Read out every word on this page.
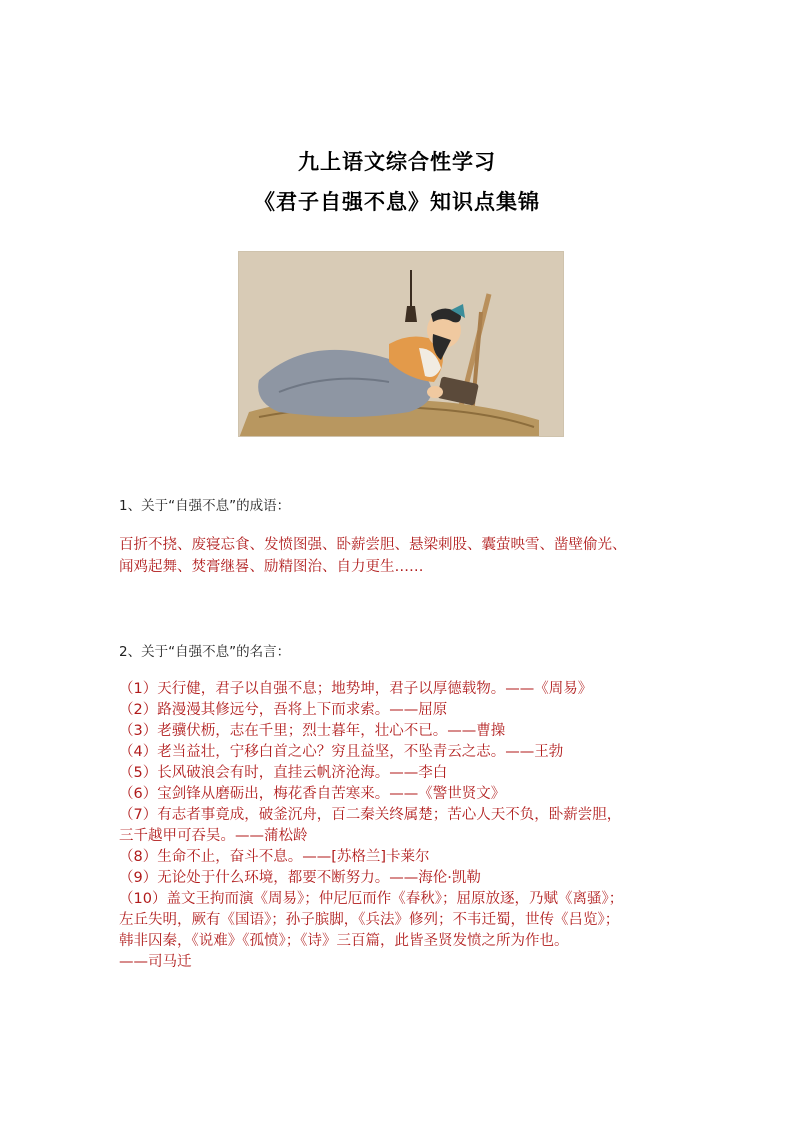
九上语文综合性学习
《君子自强不息》知识点集锦
1、关于“自强不息”的成语：
百折不挠、废寝忘食、发愤图强、卧薪尝胆、悬梁刺股、囊萤映雪、凿壁偷光、
闻鸡起舞、焚膏继晷、励精图治、自力更生……
2、关于“自强不息”的名言：
（1）天行健，君子以自强不息；地势坤，君子以厚德载物。——《周易》
（2）路漫漫其修远兮，吾将上下而求索。——屈原
（3）老骥伏枥，志在千里；烈士暮年，壮心不已。——曹操
（4）老当益壮，宁移白首之心？穷且益坚，不坠青云之志。——王勃
（5）长风破浪会有时，直挂云帆济沧海。——李白
（6）宝剑锋从磨砺出，梅花香自苦寒来。——《警世贤文》
（7）有志者事竟成，破釜沉舟，百二秦关终属楚；苦心人天不负，卧薪尝胆，
三千越甲可吞吴。——蒲松龄
（8）生命不止，奋斗不息。——[苏格兰]卡莱尔
（9）无论处于什么环境，都要不断努力。——海伦·凯勒
（10）盖文王拘而演《周易》；仲尼厄而作《春秋》；屈原放逐，乃赋《离骚》；
左丘失明，厥有《国语》；孙子膑脚，《兵法》修列；不韦迁蜀，世传《吕览》；
韩非囚秦，《说难》《孤愤》；《诗》三百篇，此皆圣贤发愤之所为作也。
——司马迁
